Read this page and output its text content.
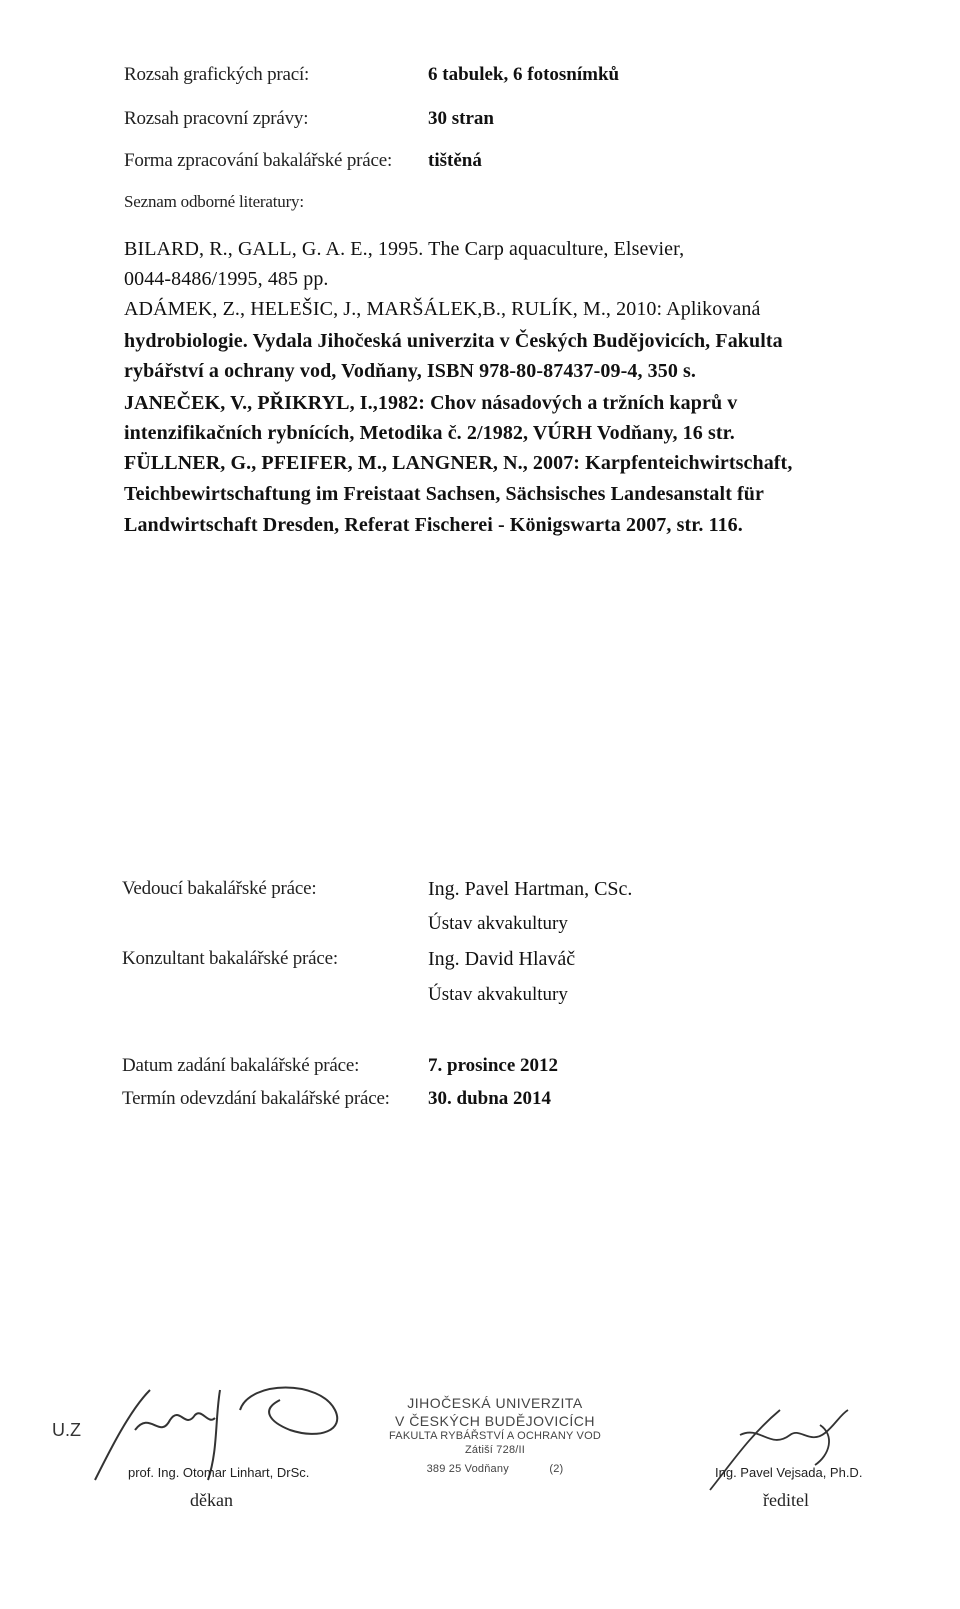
Rozsah grafických prací:	6 tabulek, 6 fotosnímků
Rozsah pracovní zprávy:	30 stran
Forma zpracování bakalářské práce: tištěná
Seznam odborné literatury:
BILARD, R., GALL, G. A. E., 1995. The Carp aquaculture, Elsevier,
0044-8486/1995, 485 pp.
ADÁMEK, Z., HELEŠIC, J., MARŠÁLEK,B., RULÍK, M., 2010: Aplikovaná
hydrobiologie. Vydala Jihočeská univerzita v Českých Budějovicích, Fakulta
rybářství a ochrany vod, Vodňany, ISBN 978-80-87437-09-4, 350 s.
JANEČEK, V., PŘIKRYL, I.,1982: Chov násadových a tržních kaprů v
intenzifikačních rybnících, Metodika č. 2/1982, VÚRH Vodňany, 16 str.
FÜLLNER, G., PFEIFER, M., LANGNER, N., 2007: Karpfenteichwirtschaft,
Teichbewirtschaftung im Freistaat Sachsen, Sächsisches Landesanstalt für
Landwirtschaft Dresden, Referat Fischerei - Königswarta 2007, str. 116.
Vedoucí bakalářské práce:	Ing. Pavel Hartman, CSc.
Ústav akvakultury
Konzultant bakalářské práce:	Ing. David Hlaváč
Ústav akvakultury
Datum zadání bakalářské práce:	7. prosince 2012
Termín odevzdání bakalářské práce: 30. dubna 2014
U.Z
prof. Ing. Otomar Linhart, DrSc.
děkan
JIHOČESKÁ UNIVERZITA
V ČESKÝCH BUDĚJOVICÍCH
FAKULTA RYBÁŘSTVÍ A OCHRANY VOD
Zátiší 728/II
389 25 Vodňany	(2)	Ing. Pavel Vejsada, Ph.D.
ředitel
